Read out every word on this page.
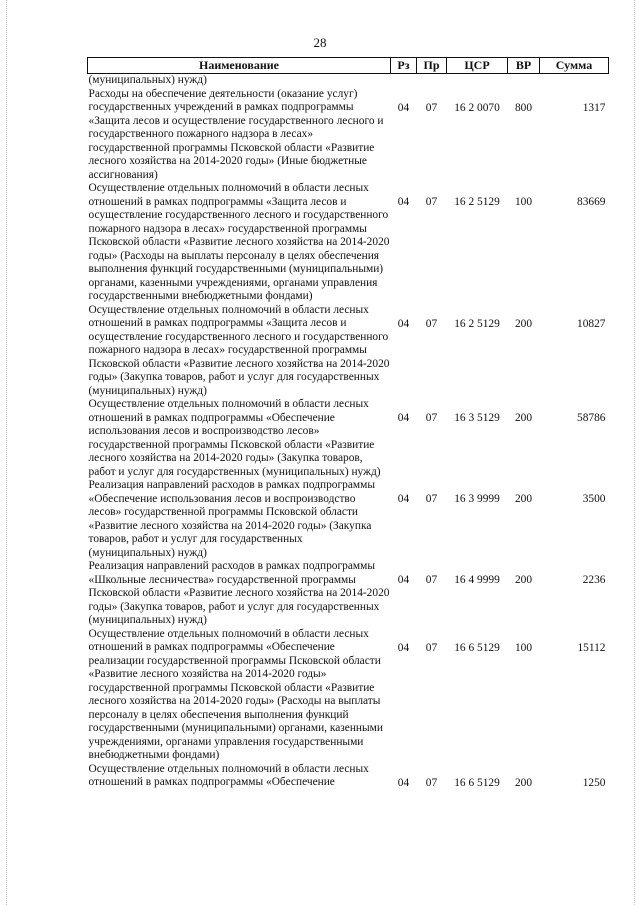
28
Наименование	Рз	Пр	ЦСР	ВР	Сумма
(муниципальных) нужд)					
Расходы на обеспечение деятельности (оказание услуг) государственных учреждений в рамках подпрограммы «Защита лесов и осуществление государственного лесного и государственного пожарного надзора в лесах» государственной программы Псковской области «Развитие лесного хозяйства на 2014-2020 годы» (Иные бюджетные ассигнования)	04	07	16 2 0070	800	1317
Осуществление отдельных полномочий в области лесных отношений в рамках подпрограммы «Защита лесов и осуществление государственного лесного и государственного пожарного надзора в лесах» государственной программы Псковской области «Развитие лесного хозяйства на 2014-2020 годы» (Расходы на выплаты персоналу в целях обеспечения выполнения функций государственными (муниципальными) органами, казенными учреждениями, органами управления государственными внебюджетными фондами)	04	07	16 2 5129	100	83669
Осуществление отдельных полномочий в области лесных отношений в рамках подпрограммы «Защита лесов и осуществление государственного лесного и государственного пожарного надзора в лесах» государственной программы Псковской области «Развитие лесного хозяйства на 2014-2020 годы» (Закупка товаров, работ и услуг для государственных (муниципальных) нужд)	04	07	16 2 5129	200	10827
Осуществление отдельных полномочий в области лесных отношений в рамках подпрограммы «Обеспечение использования лесов и воспроизводство лесов» государственной программы Псковской области «Развитие лесного хозяйства на 2014-2020 годы» (Закупка товаров, работ и услуг для государственных (муниципальных) нужд)	04	07	16 3 5129	200	58786
Реализация направлений расходов в рамках подпрограммы «Обеспечение использования лесов и воспроизводство лесов» государственной программы Псковской области «Развитие лесного хозяйства на 2014-2020 годы» (Закупка товаров, работ и услуг для государственных (муниципальных) нужд)	04	07	16 3 9999	200	3500
Реализация направлений расходов в рамках подпрограммы «Школьные лесничества» государственной программы Псковской области «Развитие лесного хозяйства на 2014-2020 годы» (Закупка товаров, работ и услуг для государственных (муниципальных) нужд)	04	07	16 4 9999	200	2236
Осуществление отдельных полномочий в области лесных отношений в рамках подпрограммы «Обеспечение реализации государственной программы Псковской области «Развитие лесного хозяйства на 2014-2020 годы» государственной программы Псковской области «Развитие лесного хозяйства на 2014-2020 годы» (Расходы на выплаты персоналу в целях обеспечения выполнения функций государственными (муниципальными) органами, казенными учреждениями, органами управления государственными внебюджетными фондами)	04	07	16 6 5129	100	15112
Осуществление отдельных полномочий в области лесных отношений в рамках подпрограммы «Обеспечение	04	07	16 6 5129	200	1250
